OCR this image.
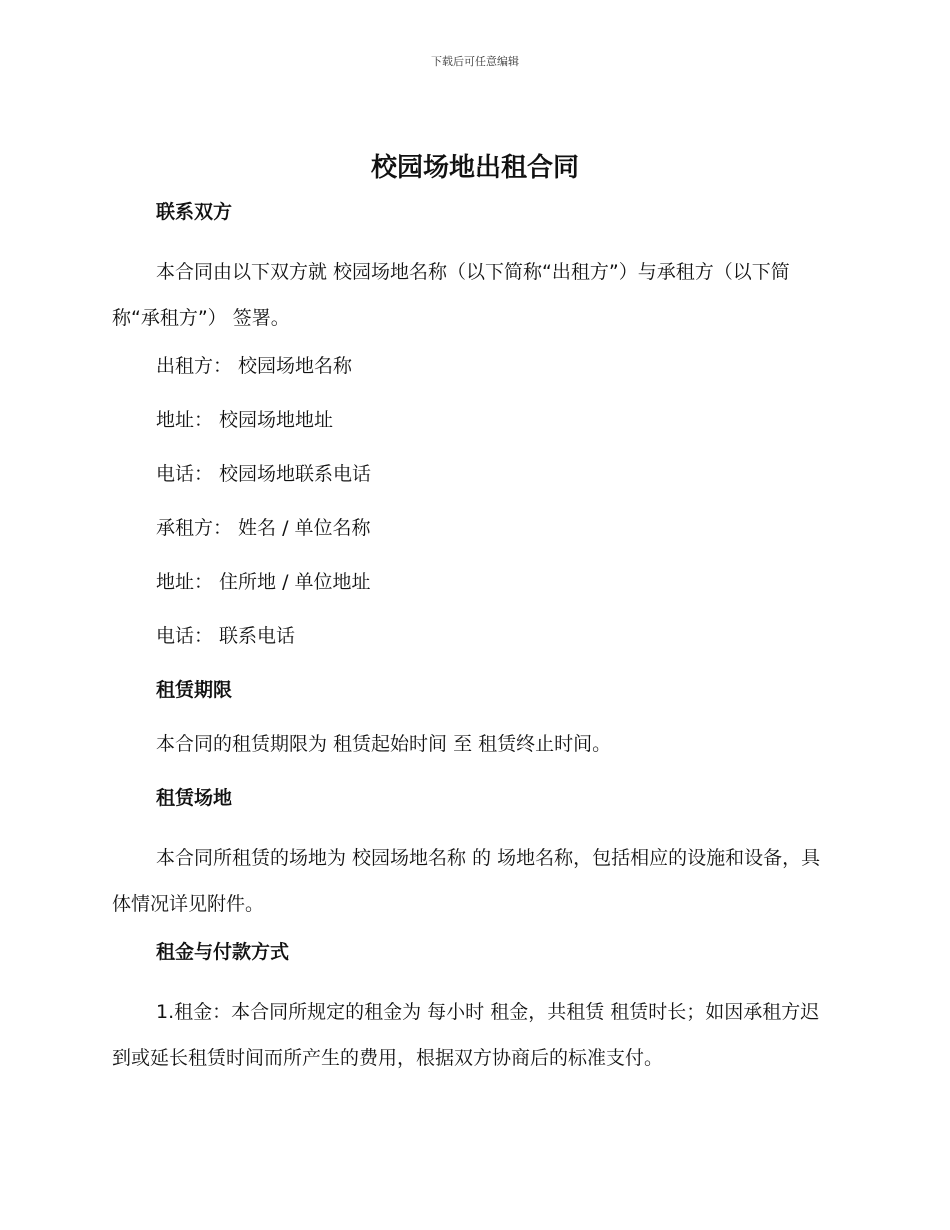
下载后可任意编辑
校园场地出租合同
联系双方

本合同由以下双方就 校园场地名称（以下简称“出租方”）与承租方（以下简称“承租方”） 签署。

出租方： 校园场地名称
地址： 校园场地地址
电话： 校园场地联系电话
承租方： 姓名 / 单位名称
地址： 住所地 / 单位地址
电话： 联系电话
租赁期限
本合同的租赁期限为 租赁起始时间 至 租赁终止时间。
租赁场地

本合同所租赁的场地为 校园场地名称 的 场地名称，包括相应的设施和设备，具体情况详见附件。

租金与付款方式

1.租金：本合同所规定的租金为 每小时 租金，共租赁 租赁时长；如因承租方迟到或延长租赁时间而所产生的费用，根据双方协商后的标准支付。
